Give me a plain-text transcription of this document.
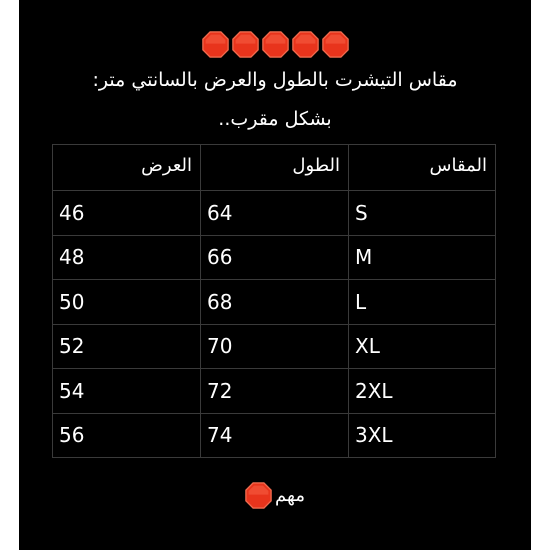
مقاس التيشرت بالطول والعرض بالسانتي متر:
بشكل مقرب..
المقاس	الطول	العرض
S	64	46
M	66	48
L	68	50
XL	70	52
2XL	72	54
3XL	74	56
مهم
